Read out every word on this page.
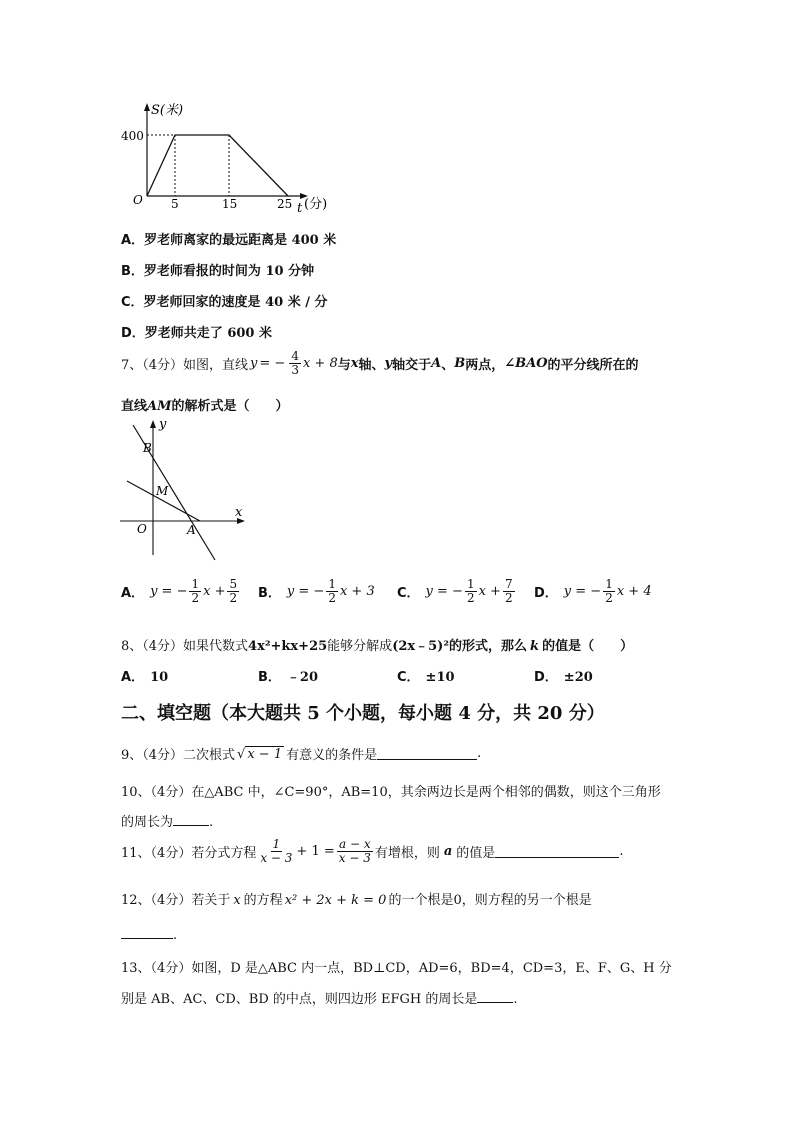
S(米)
400
O 5	15	25 t (分)
A．罗老师离家的最远距离是 400 米
B．罗老师看报的时间为 10 分钟
C．罗老师回家的速度是 40 米 / 分
D．罗老师共走了 600 米
7、（4分）如图，直线 y = − $\frac{4}{3}$ x + 8 与 x 轴、 y 轴交于 A 、 B 两点， ∠BAO 的平分线所在的
直线AM的解析式是（　　）
y
x
B
M
O	A
A． y = − $\frac{1}{2}$ $x + \frac{5}{2}$ B． y = − $\frac{1}{2}$ x + 3 C． y = − $\frac{1}{2}$ $x + \frac{7}{2}$ D． y = − $\frac{1}{2}$ x + 4
8、（4分）如果代数式4x²+kx+25能够分解成(2x﹣5)²的形式，那么 k 的值是（　　）
A． 10	B． ﹣20	C． ±10	D． ±20
二、填空题（本大题共 5 个小题，每小题 4 分，共 20 分）
9、（4分）二次根式 √ x − 1 有意义的条件是	.
10、（4分）在△ABC 中，∠C=90°，AB=10，其余两边长是两个相邻的偶数，则这个三角形
的周长为	.
11、（4分）若分式方程 $\frac{1}{x - 3} + 1 = \frac{a - x}{x - 3}$ 有增根，则 a 的值是	.
12、（4分）若关于 x 的方程 x² + 2x + k = 0 的一个根是0，则方程的另一个根是
.
13、（4分）如图，D 是△ABC 内一点，BD⊥CD，AD=6，BD=4，CD=3，E、F、G、H 分
别是 AB、AC、CD、BD 的中点，则四边形 EFGH 的周长是	.
